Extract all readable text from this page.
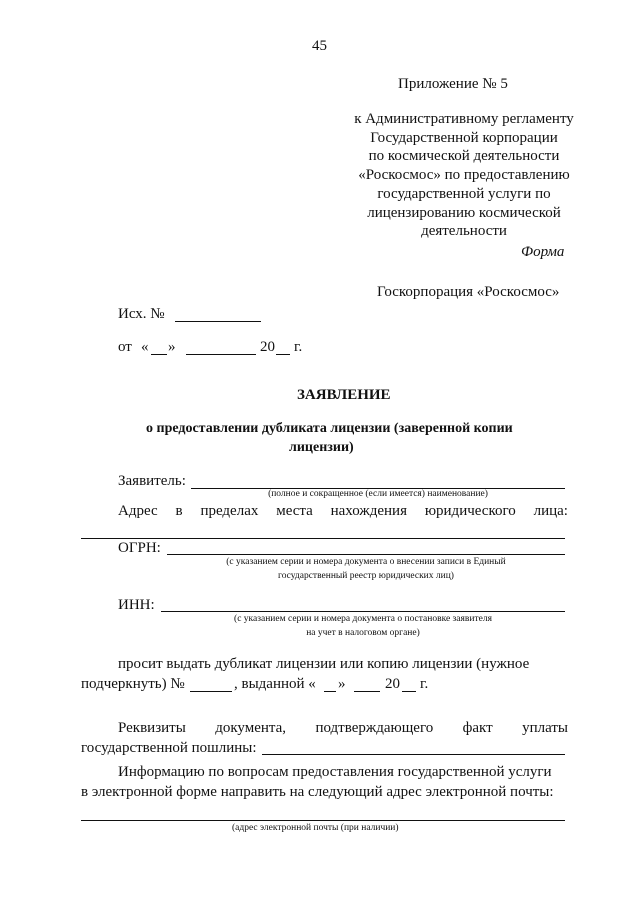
45
Приложение № 5
к Административному регламенту
Государственной корпорации
по космической деятельности
«Роскосмос» по предоставлению
государственной услуги по
лицензированию космической
деятельности
Форма
Госкорпорация «Роскосмос»
Исх. №
от « »	20 г.
ЗАЯВЛЕНИЕ
о предоставлении дубликата лицензии (заверенной копии
лицензии)
Заявитель:
(полное и сокращенное (если имеется) наименование)
Адрес в пределах места нахождения юридического лица:
ОГРН:
(с указанием серии и номера документа о внесении записи в Единый
государственный реестр юридических лиц)
ИНН:
(с указанием серии и номера документа о постановке заявителя
на учет в налоговом органе)
просит выдать дубликат лицензии или копию лицензии (нужное
подчеркнуть) №	, выданной « »	20 г.
Реквизиты документа, подтверждающего факт уплаты
государственной пошлины:
Информацию по вопросам предоставления государственной услуги
в электронной форме направить на следующий адрес электронной почты:
(адрес электронной почты (при наличии)
